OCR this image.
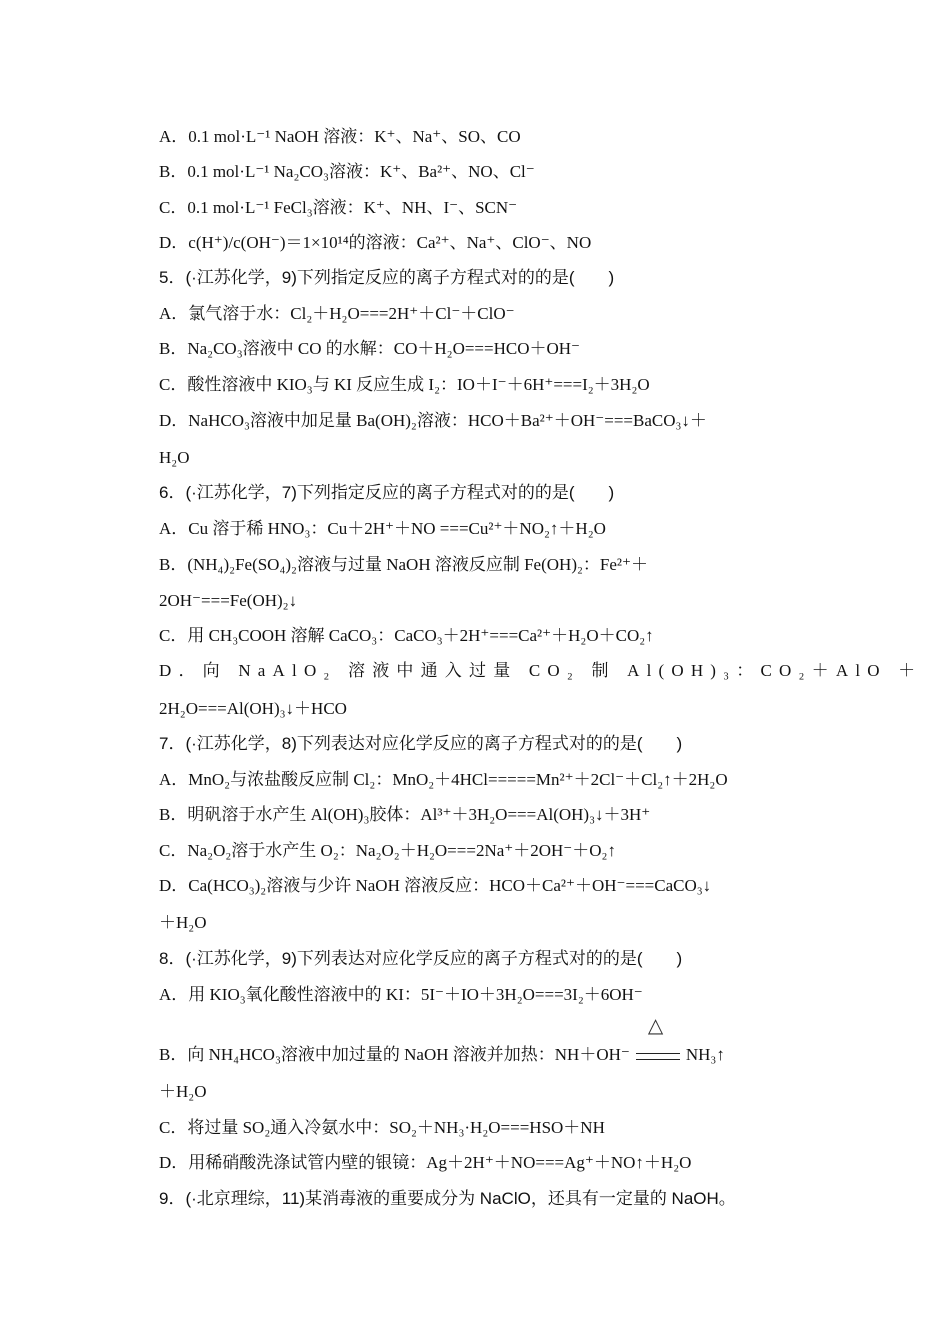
A．0.1 mol·L⁻¹ NaOH 溶液：K⁺、Na⁺、SO、CO
B．0.1 mol·L⁻¹ Na₂CO₃溶液：K⁺、Ba²⁺、NO、Cl⁻
C．0.1 mol·L⁻¹ FeCl₃溶液：K⁺、NH、I⁻、SCN⁻
D．c(H⁺)/c(OH⁻)＝1×10¹⁴的溶液：Ca²⁺、Na⁺、ClO⁻、NO
5．(·江苏化学，9)下列指定反应的离子方程式对的的是(　　)
A．氯气溶于水：Cl₂＋H₂O===2H⁺＋Cl⁻＋ClO⁻
B．Na₂CO₃溶液中 CO 的水解：CO＋H₂O===HCO＋OH⁻
C．酸性溶液中 KIO₃与 KI 反应生成 I₂：IO＋I⁻＋6H⁺===I₂＋3H₂O
D．NaHCO₃溶液中加足量 Ba(OH)₂溶液：HCO＋Ba²⁺＋OH⁻===BaCO₃↓＋
H₂O
6．(·江苏化学，7)下列指定反应的离子方程式对的的是(　　)
A．Cu 溶于稀 HNO₃：Cu＋2H⁺＋NO ===Cu²⁺＋NO₂↑＋H₂O
B．(NH₄)₂Fe(SO₄)₂溶液与过量 NaOH 溶液反应制 Fe(OH)₂：Fe²⁺＋
2OH⁻===Fe(OH)₂↓
C．用 CH₃COOH 溶解 CaCO₃：CaCO₃＋2H⁺===Ca²⁺＋H₂O＋CO₂↑
D．向 NaAlO₂ 溶液中通入过量 CO₂ 制 Al(OH)₃：CO₂＋AlO ＋
2H₂O===Al(OH)₃↓＋HCO
7．(·江苏化学，8)下列表达对应化学反应的离子方程式对的的是(　　)
A．MnO₂与浓盐酸反应制 Cl₂：MnO₂＋4HCl=====Mn²⁺＋2Cl⁻＋Cl₂↑＋2H₂O
B．明矾溶于水产生 Al(OH)₃胶体：Al³⁺＋3H₂O===Al(OH)₃↓＋3H⁺
C．Na₂O₂溶于水产生 O₂：Na₂O₂＋H₂O===2Na⁺＋2OH⁻＋O₂↑
D．Ca(HCO₃)₂溶液与少许 NaOH 溶液反应：HCO＋Ca²⁺＋OH⁻===CaCO₃↓
＋H₂O
8．(·江苏化学，9)下列表达对应化学反应的离子方程式对的的是(　　)
A．用 KIO₃氧化酸性溶液中的 KI：5I⁻＋IO＋3H₂O===3I₂＋6OH⁻
B．向 NH₄HCO₃溶液中加过量的 NaOH 溶液并加热：NH＋OH⁻
△
NH₃↑
＋H₂O
C．将过量 SO₂通入冷氨水中：SO₂＋NH₃·H₂O===HSO＋NH
D．用稀硝酸洗涤试管内壁的银镜：Ag＋2H⁺＋NO===Ag⁺＋NO↑＋H₂O
9．(·北京理综，11)某消毒液的重要成分为 NaClO，还具有一定量的 NaOH。
